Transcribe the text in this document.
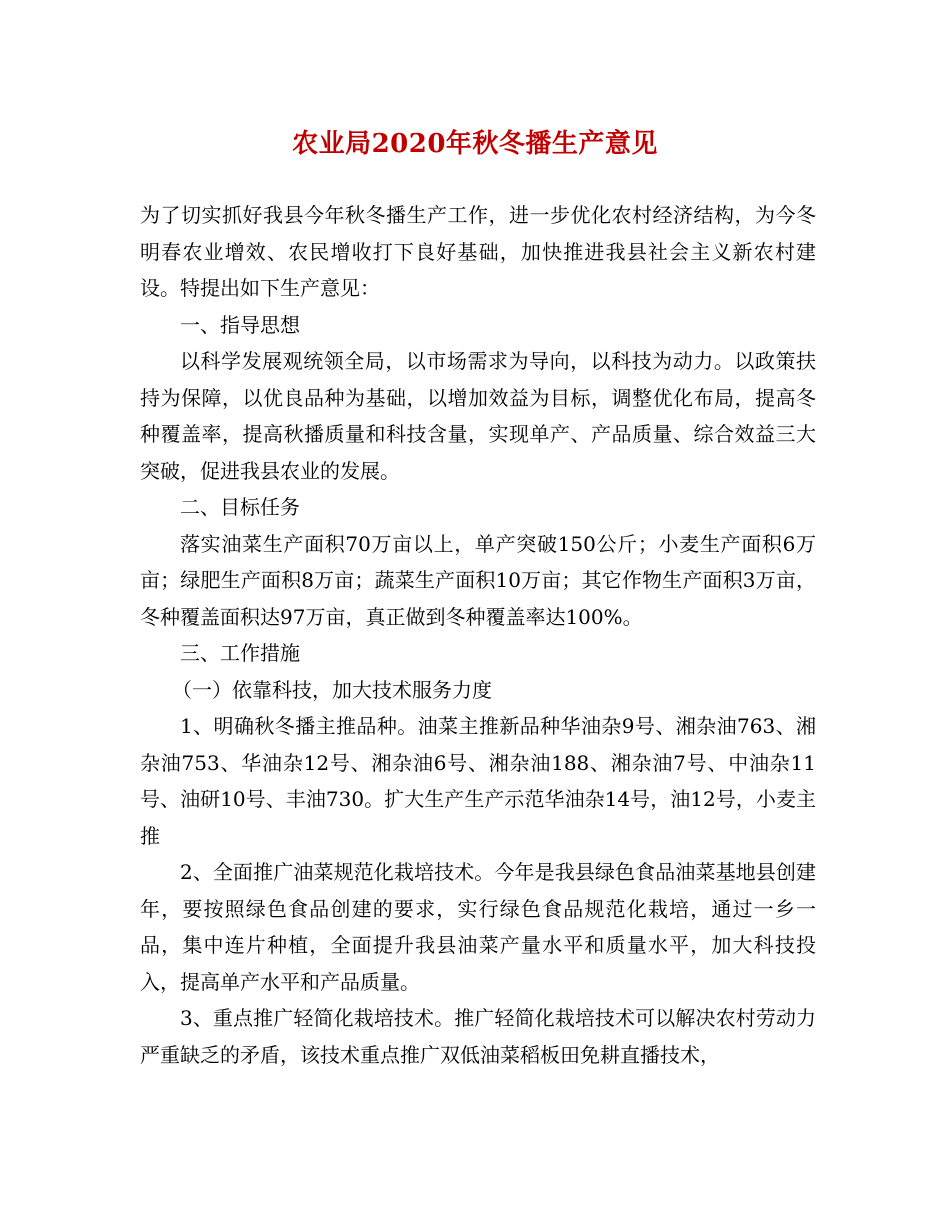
农业局2020年秋冬播生产意见

为了切实抓好我县今年秋冬播生产工作，进一步优化农村经济结构，为今冬明春农业增效、农民增收打下良好基础，加快推进我县社会主义新农村建设。特提出如下生产意见：

一、指导思想

以科学发展观统领全局，以市场需求为导向，以科技为动力。以政策扶持为保障，以优良品种为基础，以增加效益为目标，调整优化布局，提高冬种覆盖率，提高秋播质量和科技含量，实现单产、产品质量、综合效益三大突破，促进我县农业的发展。

二、目标任务

落实油菜生产面积70万亩以上，单产突破150公斤；小麦生产面积6万亩；绿肥生产面积8万亩；蔬菜生产面积10万亩；其它作物生产面积3万亩，冬种覆盖面积达97万亩，真正做到冬种覆盖率达100%。

三、工作措施

（一）依靠科技，加大技术服务力度

1、明确秋冬播主推品种。油菜主推新品种华油杂9号、湘杂油763、湘杂油753、华油杂12号、湘杂油6号、湘杂油188、湘杂油7号、中油杂11号、油研10号、丰油730。扩大生产生产示范华油杂14号，油12号，小麦主推

2、全面推广油菜规范化栽培技术。今年是我县绿色食品油菜基地县创建年，要按照绿色食品创建的要求，实行绿色食品规范化栽培，通过一乡一品，集中连片种植，全面提升我县油菜产量水平和质量水平，加大科技投入，提高单产水平和产品质量。

3、重点推广轻简化栽培技术。推广轻简化栽培技术可以解决农村劳动力严重缺乏的矛盾，该技术重点推广双低油菜稻板田免耕直播技术，
